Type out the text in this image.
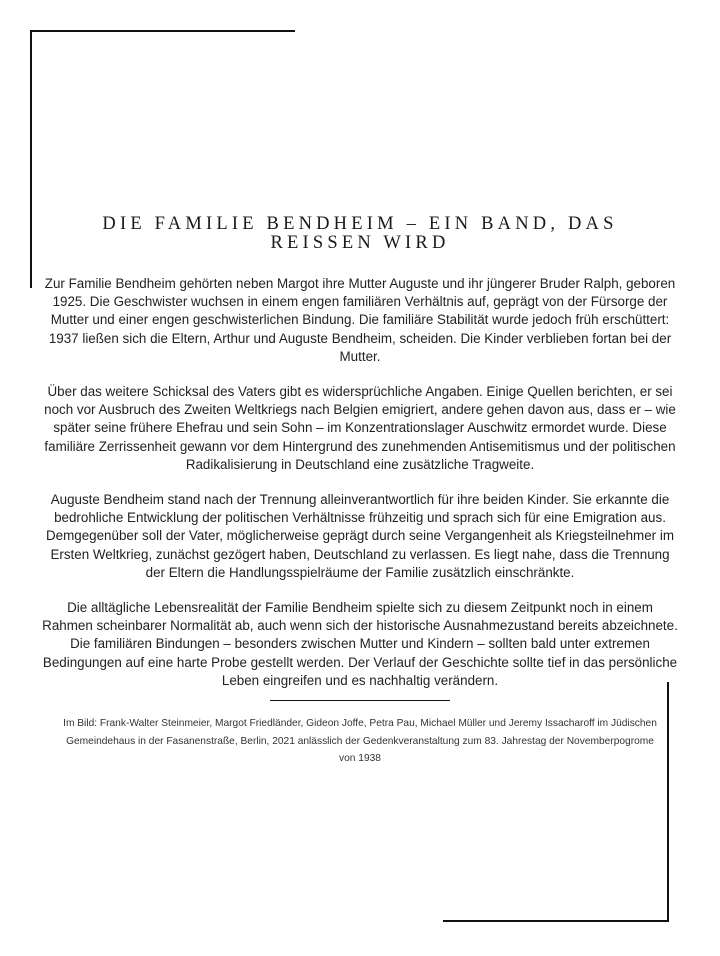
DIE FAMILIE BENDHEIM – EIN BAND, DAS REISSEN WIRD

Zur Familie Bendheim gehörten neben Margot ihre Mutter Auguste und ihr jüngerer Bruder Ralph, geboren 1925. Die Geschwister wuchsen in einem engen familiären Verhältnis auf, geprägt von der Fürsorge der Mutter und einer engen geschwisterlichen Bindung. Die familiäre Stabilität wurde jedoch früh erschüttert: 1937 ließen sich die Eltern, Arthur und Auguste Bendheim, scheiden. Die Kinder verblieben fortan bei der Mutter.

Über das weitere Schicksal des Vaters gibt es widersprüchliche Angaben. Einige Quellen berichten, er sei noch vor Ausbruch des Zweiten Weltkriegs nach Belgien emigriert, andere gehen davon aus, dass er – wie später seine frühere Ehefrau und sein Sohn – im Konzentrationslager Auschwitz ermordet wurde. Diese familiäre Zerrissenheit gewann vor dem Hintergrund des zunehmenden Antisemitismus und der politischen Radikalisierung in Deutschland eine zusätzliche Tragweite.

Auguste Bendheim stand nach der Trennung alleinverantwortlich für ihre beiden Kinder. Sie erkannte die bedrohliche Entwicklung der politischen Verhältnisse frühzeitig und sprach sich für eine Emigration aus. Demgegenüber soll der Vater, möglicherweise geprägt durch seine Vergangenheit als Kriegsteilnehmer im Ersten Weltkrieg, zunächst gezögert haben, Deutschland zu verlassen. Es liegt nahe, dass die Trennung der Eltern die Handlungsspielräume der Familie zusätzlich einschränkte.

Die alltägliche Lebensrealität der Familie Bendheim spielte sich zu diesem Zeitpunkt noch in einem Rahmen scheinbarer Normalität ab, auch wenn sich der historische Ausnahmezustand bereits abzeichnete. Die familiären Bindungen – besonders zwischen Mutter und Kindern – sollten bald unter extremen Bedingungen auf eine harte Probe gestellt werden. Der Verlauf der Geschichte sollte tief in das persönliche Leben eingreifen und es nachhaltig verändern.

Im Bild: Frank-Walter Steinmeier, Margot Friedländer, Gideon Joffe, Petra Pau, Michael Müller und Jeremy Issacharoff im Jüdischen Gemeindehaus in der Fasanenstraße, Berlin, 2021 anlässlich der Gedenkveranstaltung zum 83. Jahrestag der Novemberpogrome von 1938
